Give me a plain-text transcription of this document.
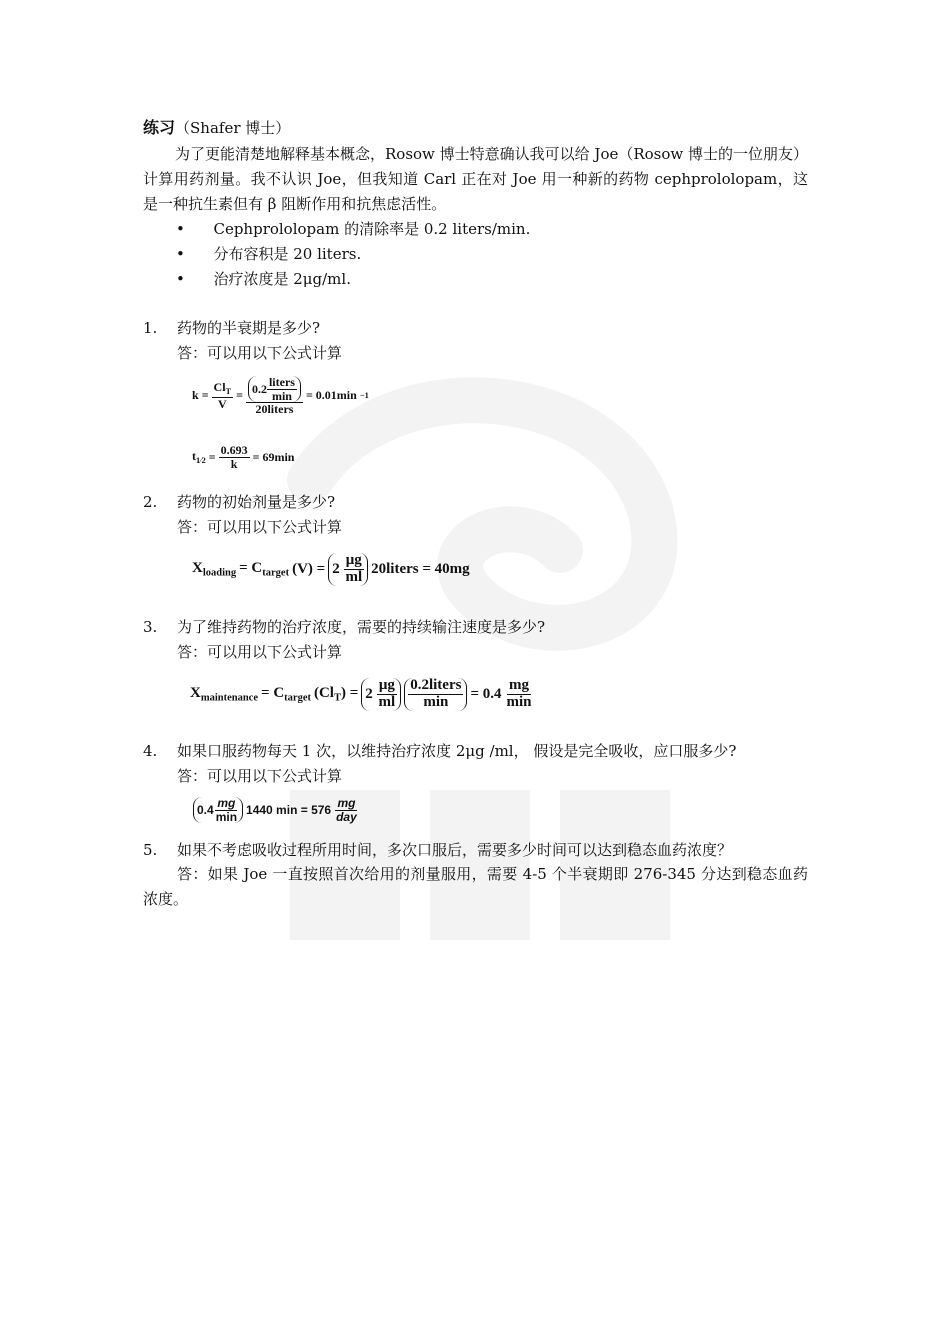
练习（Shafer 博士）
为了更能清楚地解释基本概念，Rosow 博士特意确认我可以给 Joe（Rosow 博士的一位朋友）计算用药剂量。我不认识 Joe，但我知道 Carl 正在对 Joe 用一种新的药物 cephprololopam，这是一种抗生素但有 β 阻断作用和抗焦虑活性。
•      Cephprololopam 的清除率是 0.2 liters/min.
•      分布容积是 20 liters.
•      治疗浓度是 2μg/ml.
1. 药物的半衰期是多少?
答：可以用以下公式计算
$k = \frac{Cl_T}{V} = \frac{0.2 \frac{\text{liters}}{\min}}{\text{20liters}} = 0.01\min -1$
$t_{1⁄2} = \frac{0.693}{k} = 69\min$
2. 药物的初始剂量是多少?
答：可以用以下公式计算
$X_{loading} = C_{target}$ (V) = 2
$\frac{\mu g}{ml}$ 20liters = 40mg
3. 为了维持药物的治疗浓度，需要的持续输注速度是多少?
答：可以用以下公式计算
$X_{maintenance} = C_{target}$ $(Cl_T) = 2$
$\frac{\mu g}{ml} \frac{\text{0.2liters}}{\min} = 0.4 \frac{mg}{\min}$
4. 如果口服药物每天 1 次，以维持治疗浓度 2μg /ml， 假设是完全吸收，应口服多少?
答：可以用以下公式计算
$0.4 \frac{mg}{\min} 1440$ $\min = 576 \frac{mg}{\text{day}}$
5. 如果不考虑吸收过程所用时间，多次口服后，需要多少时间可以达到稳态血药浓度？
答：如果 Joe 一直按照首次给用的剂量服用，需要 4-5 个半衰期即 276-345 分达到稳态血药浓度。
